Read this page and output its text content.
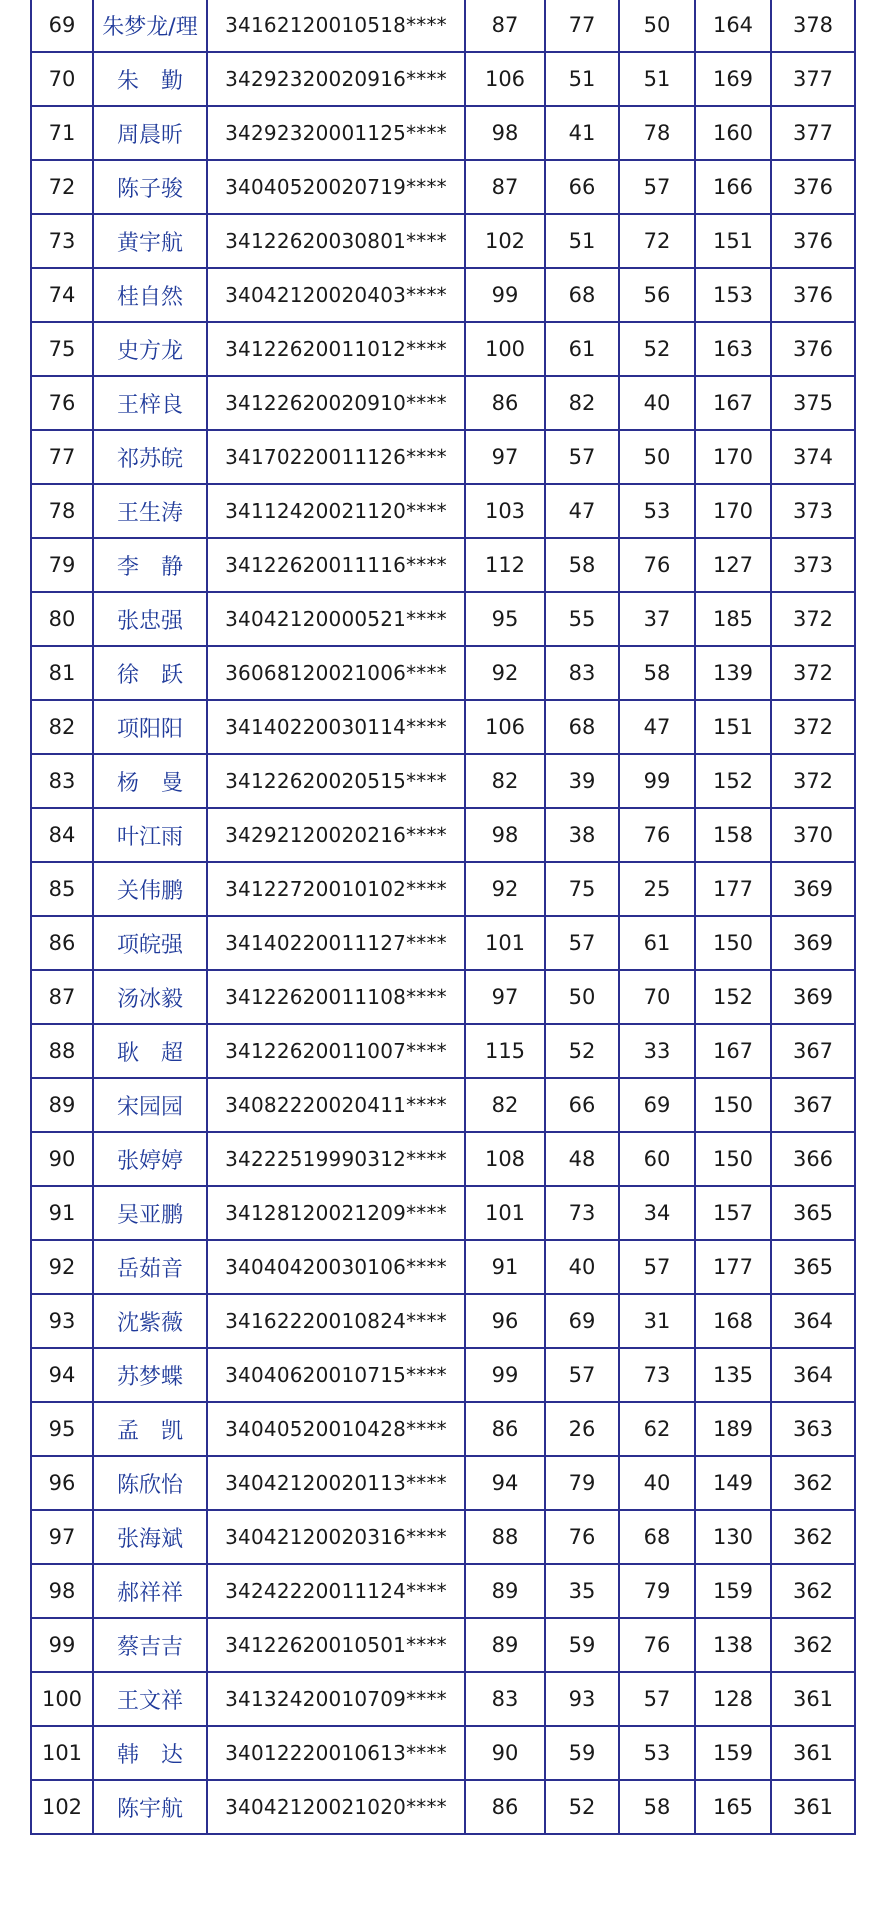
69	朱梦龙/理	34162120010518****	87	77	50	164	378
70	朱　勤	34292320020916****	106	51	51	169	377
71	周晨昕	34292320001125****	98	41	78	160	377
72	陈子骏	34040520020719****	87	66	57	166	376
73	黄宇航	34122620030801****	102	51	72	151	376
74	桂自然	34042120020403****	99	68	56	153	376
75	史方龙	34122620011012****	100	61	52	163	376
76	王梓良	34122620020910****	86	82	40	167	375
77	祁苏皖	34170220011126****	97	57	50	170	374
78	王生涛	34112420021120****	103	47	53	170	373
79	李　静	34122620011116****	112	58	76	127	373
80	张忠强	34042120000521****	95	55	37	185	372
81	徐　跃	36068120021006****	92	83	58	139	372
82	项阳阳	34140220030114****	106	68	47	151	372
83	杨　曼	34122620020515****	82	39	99	152	372
84	叶江雨	34292120020216****	98	38	76	158	370
85	关伟鹏	34122720010102****	92	75	25	177	369
86	项皖强	34140220011127****	101	57	61	150	369
87	汤冰毅	34122620011108****	97	50	70	152	369
88	耿　超	34122620011007****	115	52	33	167	367
89	宋园园	34082220020411****	82	66	69	150	367
90	张婷婷	34222519990312****	108	48	60	150	366
91	吴亚鹏	34128120021209****	101	73	34	157	365
92	岳茹音	34040420030106****	91	40	57	177	365
93	沈紫薇	34162220010824****	96	69	31	168	364
94	苏梦蝶	34040620010715****	99	57	73	135	364
95	孟　凯	34040520010428****	86	26	62	189	363
96	陈欣怡	34042120020113****	94	79	40	149	362
97	张海斌	34042120020316****	88	76	68	130	362
98	郝祥祥	34242220011124****	89	35	79	159	362
99	蔡吉吉	34122620010501****	89	59	76	138	362
100	王文祥	34132420010709****	83	93	57	128	361
101	韩　达	34012220010613****	90	59	53	159	361
102	陈宇航	34042120021020****	86	52	58	165	361
